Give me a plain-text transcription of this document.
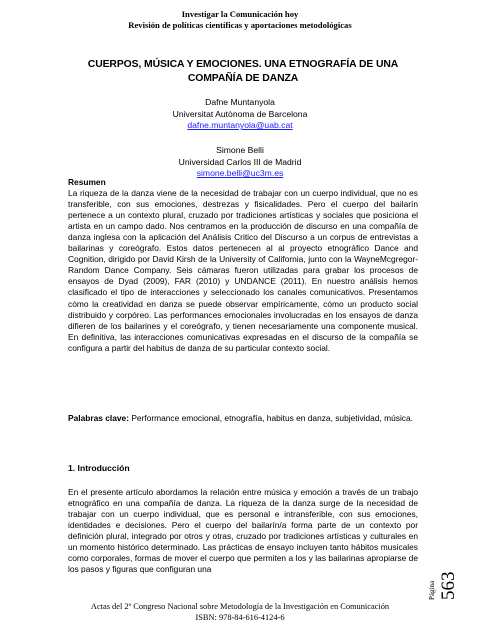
Investigar la Comunicación hoy
Revisión de políticas científicas y aportaciones metodológicas
CUERPOS, MÚSICA Y EMOCIONES. UNA ETNOGRAFÍA DE UNA COMPAÑÍA DE DANZA
Dafne Muntanyola
Universitat Autònoma de Barcelona
dafne.muntanyola@uab.cat
Simone Belli
Universidad Carlos III de Madrid
simone.belli@uc3m.es
Resumen

La riqueza de la danza viene de la necesidad de trabajar con un cuerpo individual, que no es transferible, con sus emociones, destrezas y fisicalidades. Pero el cuerpo del bailarín pertenece a un contexto plural, cruzado por tradiciones artísticas y sociales que posiciona el artista en un campo dado. Nos centramos en la producción de discurso en una compañía de danza inglesa con la aplicación del Análisis Critico del Discurso a un corpus de entrevistas a bailarinas y coreógrafo. Estos datos pertenecen al al proyecto etnográfico Dance and Cognition, dirigido por David Kirsh de la University of California, junto con la WayneMcgregor-Random Dance Company. Seis cámaras fueron utilizadas para grabar los procesos de ensayos de Dyad (2009), FAR (2010) y UNDANCE (2011). En nuestro análisis hemos clasificado el tipo de interacciones y seleccionado los canales comunicativos. Presentamos cómo la creatividad en danza se puede observar empíricamente, cómo un producto social distribuido y corpóreo. Las performances emocionales involucradas en los ensayos de danza difieren de los bailarines y el coreógrafo, y tienen necesariamente una componente musical. En definitiva, las interacciones comunicativas expresadas en el discurso de la compañía se configura a partir del habitus de danza de su particular contexto social.

Palabras clave: Performance emocional, etnografía, habitus en danza, subjetividad, música.

1. Introducción

En el presente artículo abordamos la relación entre música y emoción a través de un trabajo etnográfico en una compañía de danza. La riqueza de la danza surge de la necesidad de trabajar con un cuerpo individual, que es personal e intransferible, con sus emociones, identidades e decisiones. Pero el cuerpo del bailarín/a forma parte de un contexto por definición plural, integrado por otros y otras, cruzado por tradiciones artísticas y culturales en un momento histórico determinado. Las prácticas de ensayo incluyen tanto hábitos musicales como corporales, formas de mover el cuerpo que permiten a los y las bailarinas apropiarse de los pasos y figuras que configuran una

Página 563
Actas del 2º Congreso Nacional sobre Metodología de la Investigación en Comunicación
ISBN: 978-84-616-4124-6
